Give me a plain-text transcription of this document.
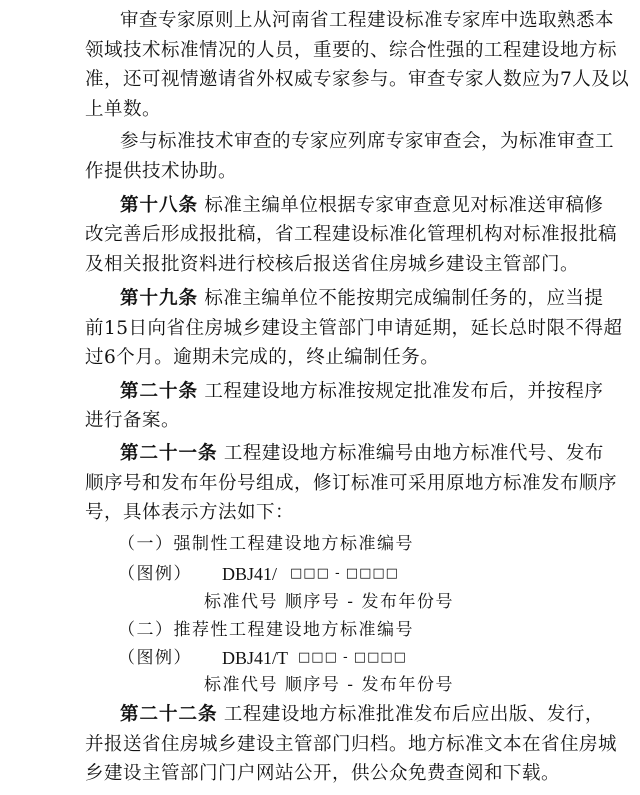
审查专家原则上从河南省工程建设标准专家库中选取熟悉本
领域技术标准情况的人员，重要的、综合性强的工程建设地方标
准，还可视情邀请省外权威专家参与。审查专家人数应为7人及以
上单数。
参与标准技术审查的专家应列席专家审查会，为标准审查工
作提供技术协助。
第十八条 标准主编单位根据专家审查意见对标准送审稿修
改完善后形成报批稿，省工程建设标准化管理机构对标准报批稿
及相关报批资料进行校核后报送省住房城乡建设主管部门。
第十九条 标准主编单位不能按期完成编制任务的，应当提
前15日向省住房城乡建设主管部门申请延期，延长总时限不得超
过6个月。逾期未完成的，终止编制任务。
第二十条 工程建设地方标准按规定批准发布后，并按程序
进行备案。
第二十一条 工程建设地方标准编号由地方标准代号、发布
顺序号和发布年份号组成，修订标准可采用原地方标准发布顺序
号，具体表示方法如下：
（一）强制性工程建设地方标准编号
（图例） DBJ41/ □□□ - □□□□
标准代号 顺序号 - 发布年份号
（二）推荐性工程建设地方标准编号
（图例） DBJ41/T □□□ - □□□□
标准代号 顺序号 - 发布年份号
第二十二条 工程建设地方标准批准发布后应出版、发行，
并报送省住房城乡建设主管部门归档。地方标准文本在省住房城
乡建设主管部门门户网站公开，供公众免费查阅和下载。
